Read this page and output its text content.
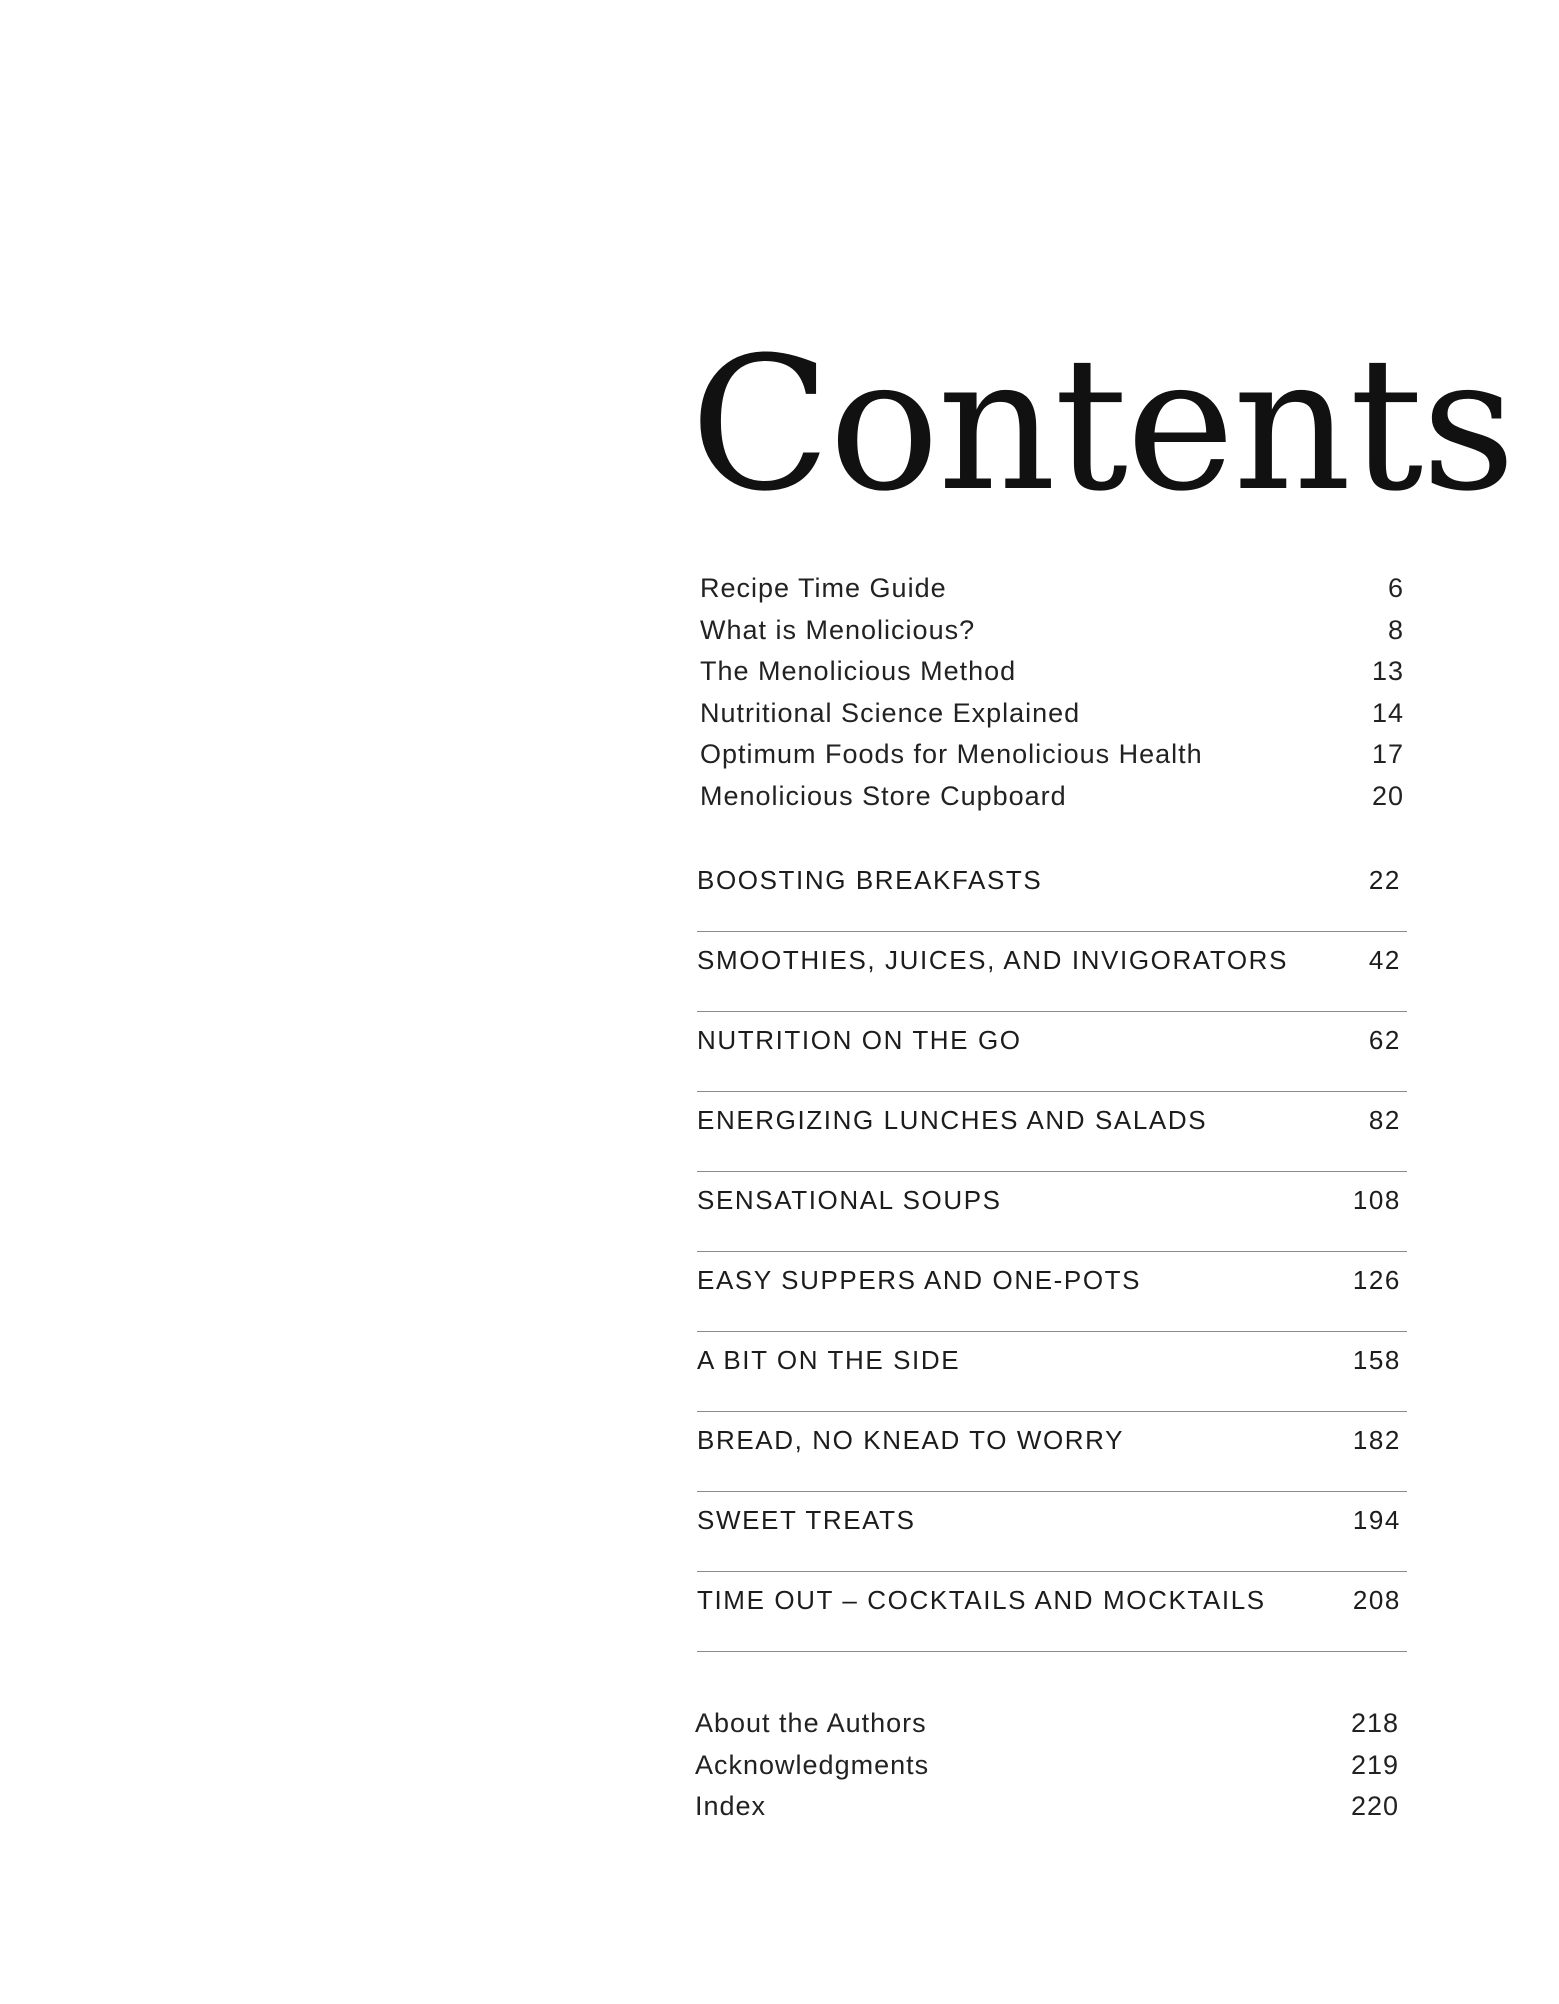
Contents
Recipe Time Guide	6
What is Menolicious?	8
The Menolicious Method	13
Nutritional Science Explained	14
Optimum Foods for Menolicious Health	17
Menolicious Store Cupboard	20
BOOSTING BREAKFASTS	22
SMOOTHIES, JUICES, AND INVIGORATORS	42
NUTRITION ON THE GO	62
ENERGIZING LUNCHES AND SALADS	82
SENSATIONAL SOUPS	108
EASY SUPPERS AND ONE-POTS	126
A BIT ON THE SIDE	158
BREAD, NO KNEAD TO WORRY	182
SWEET TREATS	194
TIME OUT – COCKTAILS AND MOCKTAILS	208
About the Authors	218
Acknowledgments	219
Index	220
